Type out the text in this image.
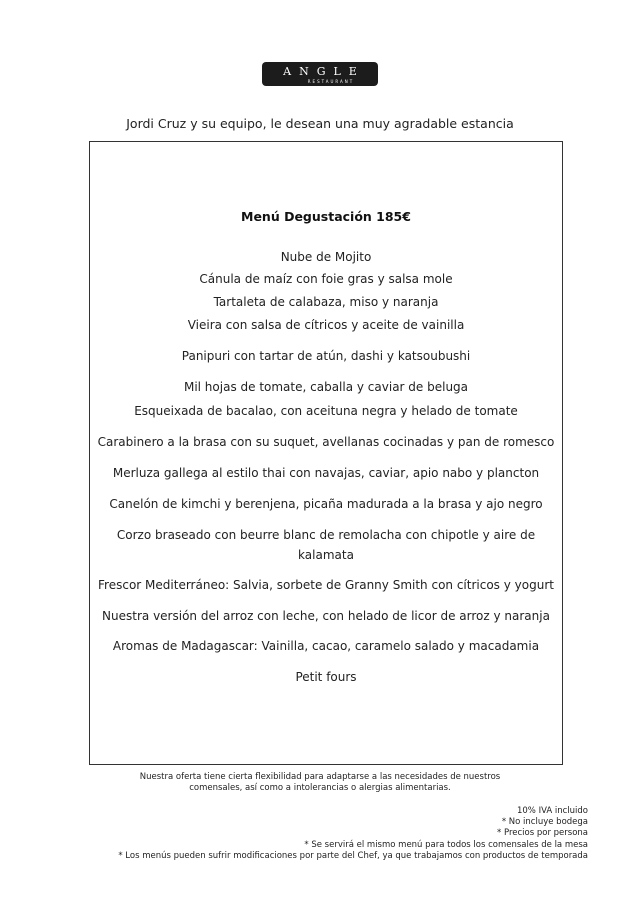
ANGLE
RESTAURANT
Jordi Cruz y su equipo, le desean una muy agradable estancia
Menú Degustación 185€
Nube de Mojito
Cánula de maíz con foie gras y salsa mole
Tartaleta de calabaza, miso y naranja
Vieira con salsa de cítricos y aceite de vainilla
Panipuri con tartar de atún, dashi y katsoubushi
Mil hojas de tomate, caballa y caviar de beluga
Esqueixada de bacalao, con aceituna negra y helado de tomate
Carabinero a la brasa con su suquet, avellanas cocinadas y pan de romesco
Merluza gallega al estilo thai con navajas, caviar, apio nabo y plancton
Canelón de kimchi y berenjena, picaña madurada a la brasa y ajo negro
Corzo braseado con beurre blanc de remolacha con chipotle y aire de
kalamata
Frescor Mediterráneo: Salvia, sorbete de Granny Smith con cítricos y yogurt
Nuestra versión del arroz con leche, con helado de licor de arroz y naranja
Aromas de Madagascar: Vainilla, cacao, caramelo salado y macadamia
Petit fours
Nuestra oferta tiene cierta flexibilidad para adaptarse a las necesidades de nuestros
comensales, así como a intolerancias o alergias alimentarias.
10% IVA incluido
* No incluye bodega
* Precios por persona
* Se servirá el mismo menú para todos los comensales de la mesa
* Los menús pueden sufrir modificaciones por parte del Chef, ya que trabajamos con productos de temporada
